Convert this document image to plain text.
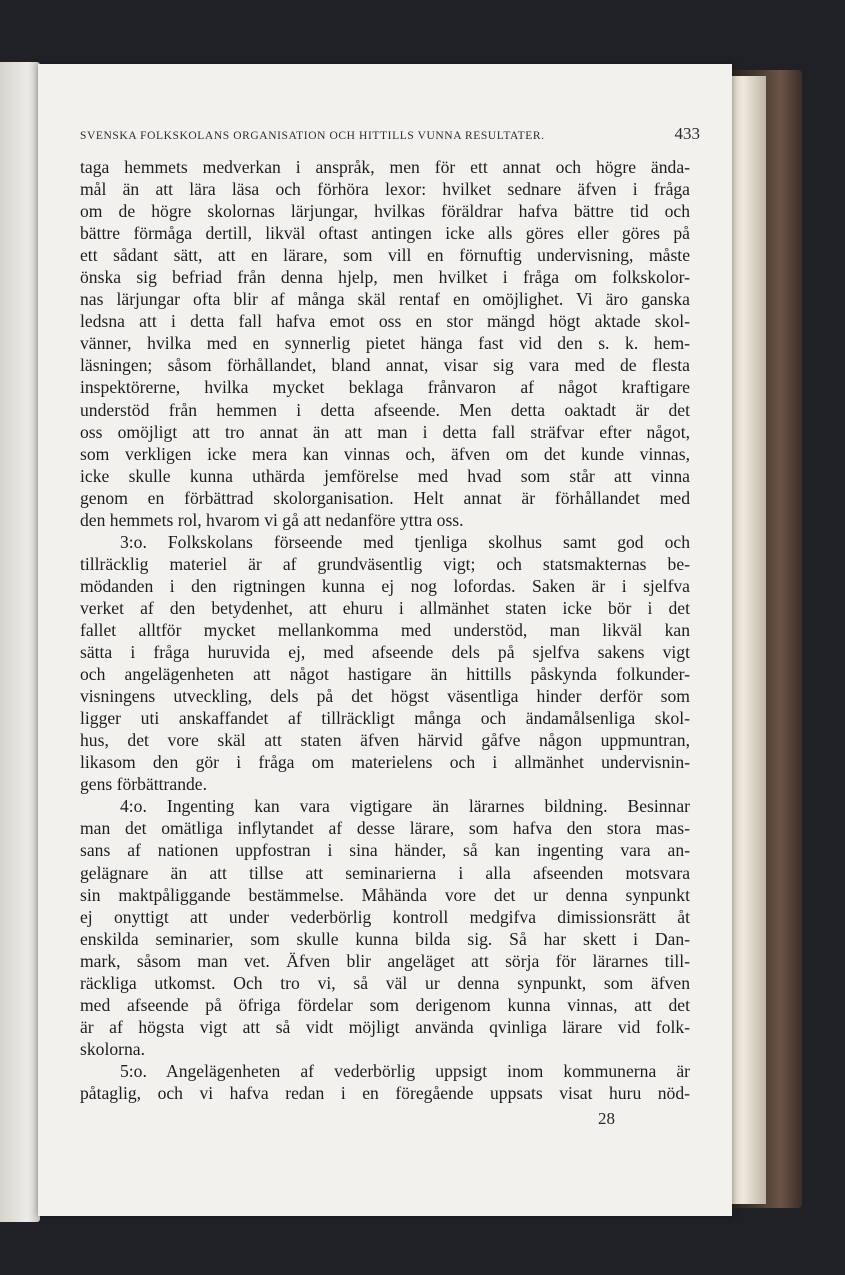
SVENSKA FOLKSKOLANS ORGANISATION OCH HITTILLS VUNNA RESULTATER.	433
taga hemmets medverkan i anspråk, men för ett annat och högre ända-
mål än att lära läsa och förhöra lexor: hvilket sednare äfven i fråga
om de högre skolornas lärjungar, hvilkas föräldrar hafva bättre tid och
bättre förmåga dertill, likväl oftast antingen icke alls göres eller göres på
ett sådant sätt, att en lärare, som vill en förnuftig undervisning, måste
önska sig befriad från denna hjelp, men hvilket i fråga om folkskolor-
nas lärjungar ofta blir af många skäl rentaf en omöjlighet. Vi äro ganska
ledsna att i detta fall hafva emot oss en stor mängd högt aktade skol-
vänner, hvilka med en synnerlig pietet hänga fast vid den s. k. hem-
läsningen; såsom förhållandet, bland annat, visar sig vara med de flesta
inspektörerne, hvilka mycket beklaga frånvaron af något kraftigare
understöd från hemmen i detta afseende. Men detta oaktadt är det
oss omöjligt att tro annat än att man i detta fall sträfvar efter något,
som verkligen icke mera kan vinnas och, äfven om det kunde vinnas,
icke skulle kunna uthärda jemförelse med hvad som står att vinna
genom en förbättrad skolorganisation. Helt annat är förhållandet med
den hemmets rol, hvarom vi gå att nedanföre yttra oss.
3:o. Folkskolans förseende med tjenliga skolhus samt god och
tillräcklig materiel är af grundväsentlig vigt; och statsmakternas be-
mödanden i den rigtningen kunna ej nog lofordas. Saken är i sjelfva
verket af den betydenhet, att ehuru i allmänhet staten icke bör i det
fallet alltför mycket mellankomma med understöd, man likväl kan
sätta i fråga huruvida ej, med afseende dels på sjelfva sakens vigt
och angelägenheten att något hastigare än hittills påskynda folkunder-
visningens utveckling, dels på det högst väsentliga hinder derför som
ligger uti anskaffandet af tillräckligt många och ändamålsenliga skol-
hus, det vore skäl att staten äfven härvid gåfve någon uppmuntran,
likasom den gör i fråga om materielens och i allmänhet undervisnin-
gens förbättrande.
4:o. Ingenting kan vara vigtigare än lärarnes bildning. Besinnar
man det omätliga inflytandet af desse lärare, som hafva den stora mas-
sans af nationen uppfostran i sina händer, så kan ingenting vara an-
gelägnare än att tillse att seminarierna i alla afseenden motsvara
sin maktpåliggande bestämmelse. Måhända vore det ur denna synpunkt
ej onyttigt att under vederbörlig kontroll medgifva dimissionsrätt åt
enskilda seminarier, som skulle kunna bilda sig. Så har skett i Dan-
mark, såsom man vet. Äfven blir angeläget att sörja för lärarnes till-
räckliga utkomst. Och tro vi, så väl ur denna synpunkt, som äfven
med afseende på öfriga fördelar som derigenom kunna vinnas, att det
är af högsta vigt att så vidt möjligt använda qvinliga lärare vid folk-
skolorna.
5:o. Angelägenheten af vederbörlig uppsigt inom kommunerna är
påtaglig, och vi hafva redan i en föregående uppsats visat huru nöd-
28
